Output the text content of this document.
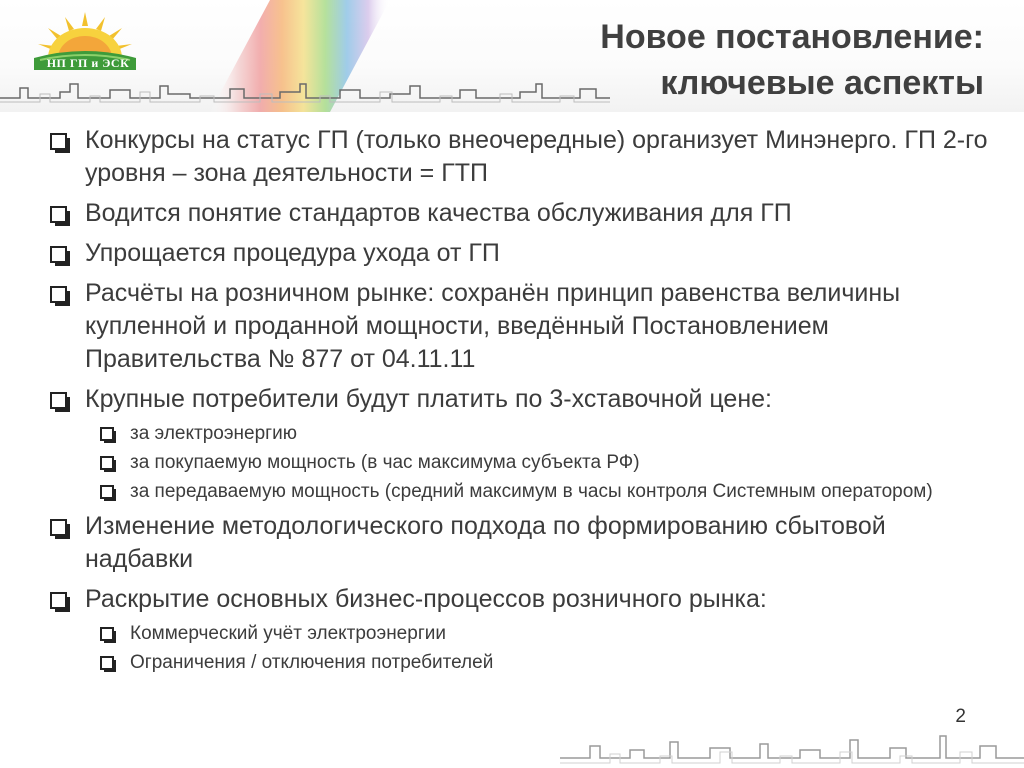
НП ГП и ЭСК
Новое постановление:
ключевые аспекты
Конкурсы на статус ГП (только внеочередные) организует Минэнерго. ГП 2-го уровня – зона деятельности = ГТП
Водится понятие стандартов качества обслуживания для ГП
Упрощается процедура ухода от ГП
Расчёты на розничном рынке: сохранён принцип равенства величины купленной и проданной мощности, введённый Постановлением Правительства № 877 от 04.11.11
Крупные потребители будут платить по 3-хставочной цене:
за электроэнергию
за покупаемую мощность (в час максимума субъекта РФ)
за передаваемую мощность (средний максимум в часы контроля Системным оператором)
Изменение методологического подхода по формированию сбытовой надбавки
Раскрытие основных бизнес-процессов розничного рынка:
Коммерческий учёт электроэнергии
Ограничения / отключения потребителей
2
